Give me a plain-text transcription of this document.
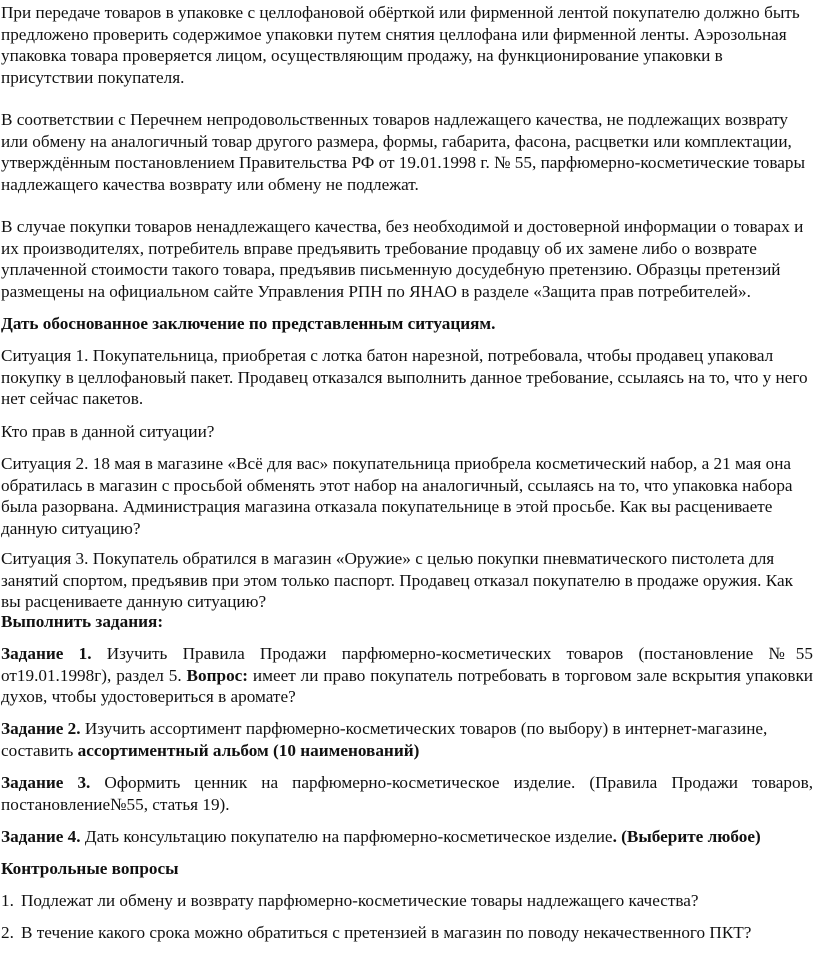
При передаче товаров в упаковке с целлофановой обёрткой или фирменной лентой покупателю должно быть предложено проверить содержимое упаковки путем снятия целлофана или фирменной ленты. Аэрозольная упаковка товара проверяется лицом, осуществляющим продажу, на функционирование упаковки в присутствии покупателя.

В соответствии с Перечнем непродовольственных товаров надлежащего качества, не подлежащих возврату или обмену на аналогичный товар другого размера, формы, габарита, фасона, расцветки или комплектации, утверждённым постановлением Правительства РФ от 19.01.1998 г. № 55, парфюмерно-косметические товары надлежащего качества возврату или обмену не подлежат.

В случае покупки товаров ненадлежащего качества, без необходимой и достоверной информации о товарах и их производителях, потребитель вправе предъявить требование продавцу об их замене либо о возврате уплаченной стоимости такого товара, предъявив письменную досудебную претензию. Образцы претензий размещены на официальном сайте Управления РПН по ЯНАО в разделе «Защита прав потребителей».

Дать обоснованное заключение по представленным ситуациям.

Ситуация 1. Покупательница, приобретая с лотка батон нарезной, потребовала, чтобы продавец упаковал покупку в целлофановый пакет. Продавец отказался выполнить данное требование, ссылаясь на то, что у него нет сейчас пакетов.

Кто прав в данной ситуации?

Ситуация 2. 18 мая в магазине «Всё для вас» покупательница приобрела косметический набор, а 21 мая она обратилась в магазин с просьбой обменять этот набор на аналогичный, ссылаясь на то, что упаковка набора была разорвана. Администрация магазина отказала покупательнице в этой просьбе. Как вы расцениваете данную ситуацию?

Ситуация 3. Покупатель обратился в магазин «Оружие» с целью покупки пневматического пистолета для занятий спортом, предъявив при этом только паспорт. Продавец отказал покупателю в продаже оружия. Как вы расцениваете данную ситуацию?

Выполнить задания:

Задание 1. Изучить Правила Продажи парфюмерно-косметических товаров (постановление №55 от19.01.1998г), раздел 5. Вопрос: имеет ли право покупатель потребовать в торговом зале вскрытия упаковки духов, чтобы удостовериться в аромате?

Задание 2. Изучить ассортимент парфюмерно-косметических товаров (по выбору) в интернет-магазине, составить ассортиментный альбом (10 наименований)

Задание 3. Оформить ценник на парфюмерно-косметическое изделие. (Правила Продажи товаров, постановление№55, статья 19).

Задание 4. Дать консультацию покупателю на парфюмерно-косметическое изделие. (Выберите любое)

Контрольные вопросы

1. Подлежат ли обмену и возврату парфюмерно-косметические товары надлежащего качества?
2. В течение какого срока можно обратиться с претензией в магазин по поводу некачественного ПКТ?
